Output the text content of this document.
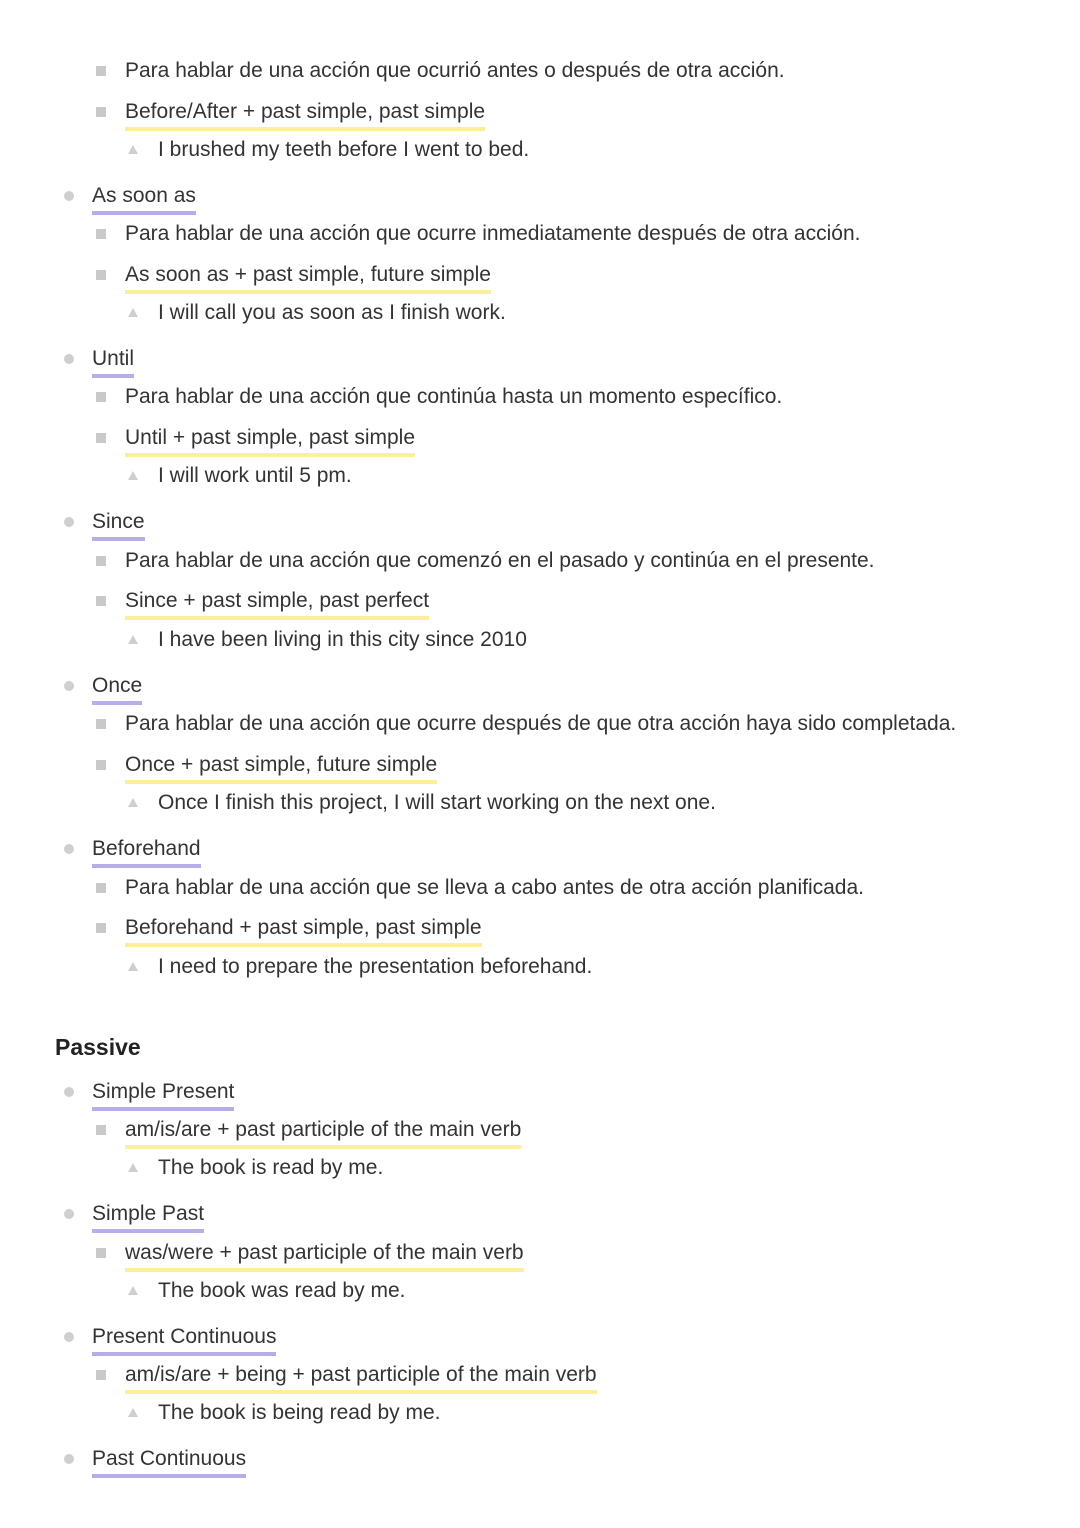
Para hablar de una acción que ocurrió antes o después de otra acción.
Before/After + past simple, past simple
I brushed my teeth before I went to bed.
As soon as
Para hablar de una acción que ocurre inmediatamente después de otra acción.
As soon as + past simple, future simple
I will call you as soon as I finish work.
Until
Para hablar de una acción que continúa hasta un momento específico.
Until + past simple, past simple
I will work until 5 pm.
Since
Para hablar de una acción que comenzó en el pasado y continúa en el presente.
Since + past simple, past perfect
I have been living in this city since 2010
Once
Para hablar de una acción que ocurre después de que otra acción haya sido completada.
Once + past simple, future simple
Once I finish this project, I will start working on the next one.
Beforehand
Para hablar de una acción que se lleva a cabo antes de otra acción planificada.
Beforehand + past simple, past simple
I need to prepare the presentation beforehand.
Passive
Simple Present
am/is/are + past participle of the main verb
The book is read by me.
Simple Past
was/were + past participle of the main verb
The book was read by me.
Present Continuous
am/is/are + being + past participle of the main verb
The book is being read by me.
Past Continuous
